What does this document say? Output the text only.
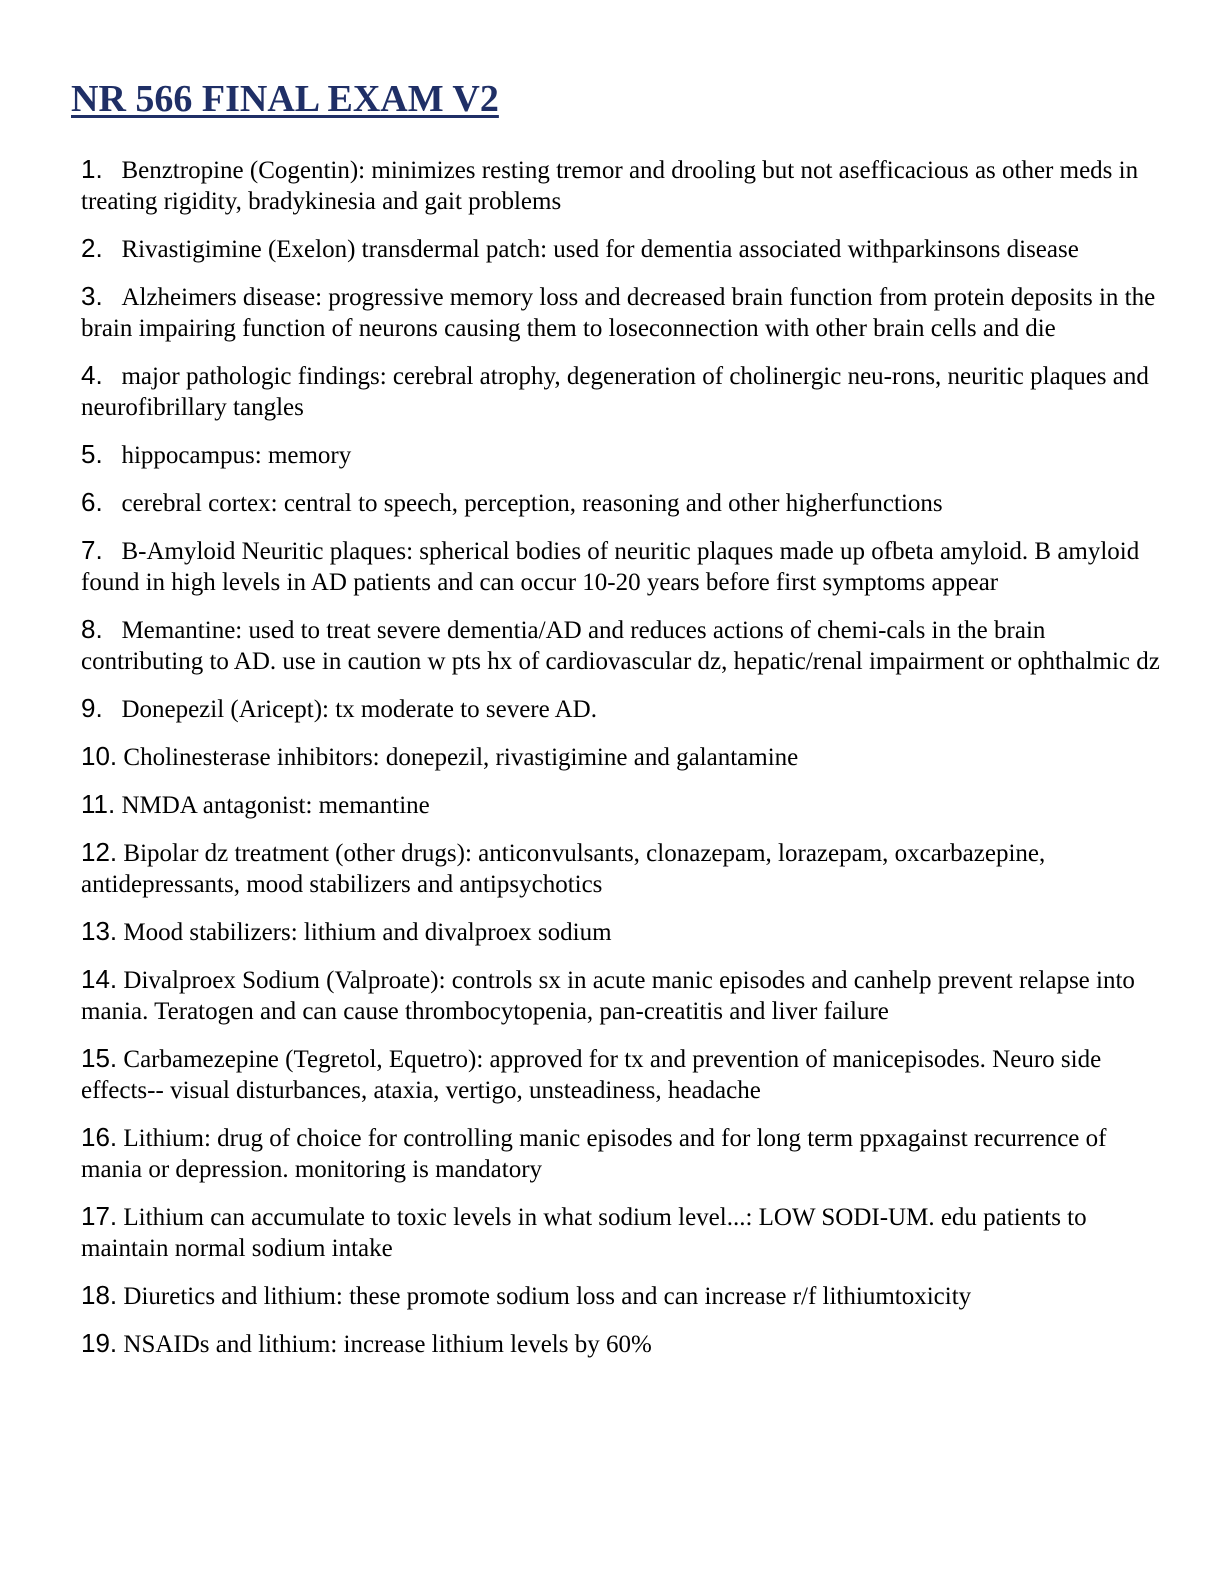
NR 566 FINAL EXAM V2
1. Benztropine (Cogentin): minimizes resting tremor and drooling but not asefficacious as other meds in treating rigidity, bradykinesia and gait problems
2. Rivastigimine (Exelon) transdermal patch: used for dementia associated withparkinsons disease
3. Alzheimers disease: progressive memory loss and decreased brain function from protein deposits in the brain impairing function of neurons causing them to loseconnection with other brain cells and die
4. major pathologic findings: cerebral atrophy, degeneration of cholinergic neu-rons, neuritic plaques and neurofibrillary tangles
5. hippocampus: memory
6. cerebral cortex: central to speech, perception, reasoning and other higherfunctions
7. B-Amyloid Neuritic plaques: spherical bodies of neuritic plaques made up ofbeta amyloid. B amyloid found in high levels in AD patients and can occur 10-20 years before first symptoms appear
8. Memantine: used to treat severe dementia/AD and reduces actions of chemi-cals in the brain contributing to AD. use in caution w pts hx of cardiovascular dz, hepatic/renal impairment or ophthalmic dz
9. Donepezil (Aricept): tx moderate to severe AD.
10. Cholinesterase inhibitors: donepezil, rivastigimine and galantamine
11. NMDA antagonist: memantine
12. Bipolar dz treatment (other drugs): anticonvulsants, clonazepam, lorazepam, oxcarbazepine, antidepressants, mood stabilizers and antipsychotics
13. Mood stabilizers: lithium and divalproex sodium
14. Divalproex Sodium (Valproate): controls sx in acute manic episodes and canhelp prevent relapse into mania. Teratogen and can cause thrombocytopenia, pan-creatitis and liver failure
15. Carbamezepine (Tegretol, Equetro): approved for tx and prevention of manicepisodes. Neuro side effects-- visual disturbances, ataxia, vertigo, unsteadiness, headache
16. Lithium: drug of choice for controlling manic episodes and for long term ppxagainst recurrence of mania or depression. monitoring is mandatory
17. Lithium can accumulate to toxic levels in what sodium level...: LOW SODI-UM. edu patients to maintain normal sodium intake
18. Diuretics and lithium: these promote sodium loss and can increase r/f lithiumtoxicity
19. NSAIDs and lithium: increase lithium levels by 60%
